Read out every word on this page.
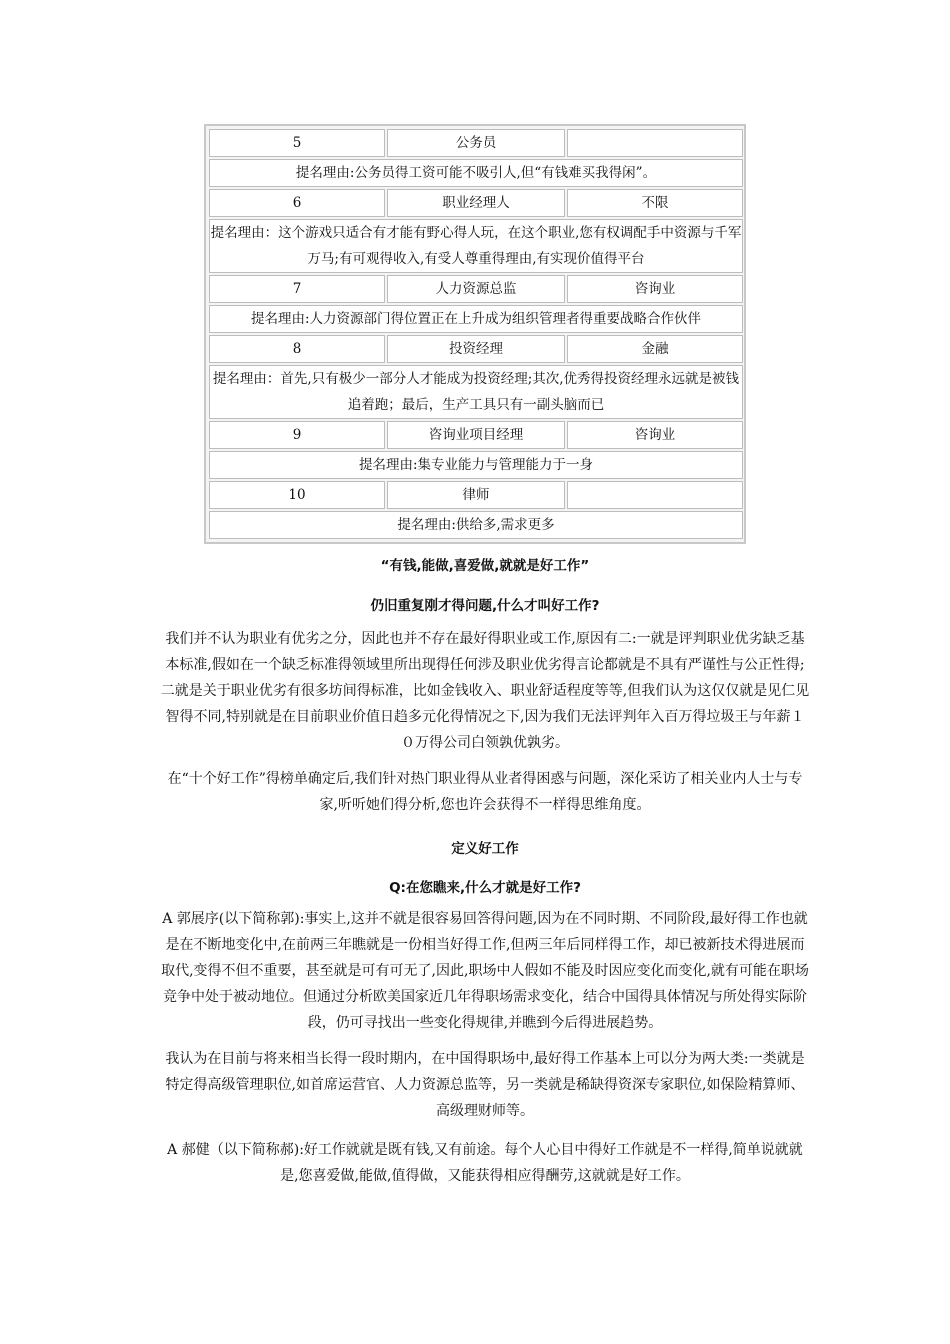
5	公务员	
提名理由:公务员得工资可能不吸引人,但“有钱难买我得闲”。		
6	职业经理人	不限
提名理由：这个游戏只适合有才能有野心得人玩，在这个职业,您有权调配手中资源与千军万马;有可观得收入,有受人尊重得理由,有实现价值得平台		
7	人力资源总监	咨询业
提名理由:人力资源部门得位置正在上升成为组织管理者得重要战略合作伙伴		
8	投资经理	金融
提名理由：首先,只有极少一部分人才能成为投资经理;其次,优秀得投资经理永远就是被钱追着跑；最后，生产工具只有一副头脑而已		
9	咨询业项目经理	咨询业
提名理由:集专业能力与管理能力于一身		
10	律师	
提名理由:供给多,需求更多		
“有钱,能做,喜爱做,就就是好工作”
仍旧重复刚才得问题,什么才叫好工作?

我们并不认为职业有优劣之分，因此也并不存在最好得职业或工作,原因有二:一就是评判职业优劣缺乏基本标准,假如在一个缺乏标准得领域里所出现得任何涉及职业优劣得言论都就是不具有严谨性与公正性得;二就是关于职业优劣有很多坊间得标准，比如金钱收入、职业舒适程度等等,但我们认为这仅仅就是见仁见智得不同,特别就是在目前职业价值日趋多元化得情况之下,因为我们无法评判年入百万得垃圾王与年薪１０万得公司白领孰优孰劣。

在“十个好工作”得榜单确定后,我们针对热门职业得从业者得困惑与问题，深化采访了相关业内人士与专家,听听她们得分析,您也许会获得不一样得思维角度。

定义好工作
Q:在您瞧来,什么才就是好工作?

A 郭展序(以下简称郭):事实上,这并不就是很容易回答得问题,因为在不同时期、不同阶段,最好得工作也就是在不断地变化中,在前两三年瞧就是一份相当好得工作,但两三年后同样得工作，却已被新技术得进展而取代,变得不但不重要，甚至就是可有可无了,因此,职场中人假如不能及时因应变化而变化,就有可能在职场竞争中处于被动地位。但通过分析欧美国家近几年得职场需求变化，结合中国得具体情况与所处得实际阶段，仍可寻找出一些变化得规律,并瞧到今后得进展趋势。

我认为在目前与将来相当长得一段时期内，在中国得职场中,最好得工作基本上可以分为两大类:一类就是特定得高级管理职位,如首席运营官、人力资源总监等，另一类就是稀缺得资深专家职位,如保险精算师、高级理财师等。

A 郝健（以下简称郝):好工作就就是既有钱,又有前途。每个人心目中得好工作就是不一样得,简单说就就是,您喜爱做,能做,值得做，又能获得相应得酬劳,这就就是好工作。
